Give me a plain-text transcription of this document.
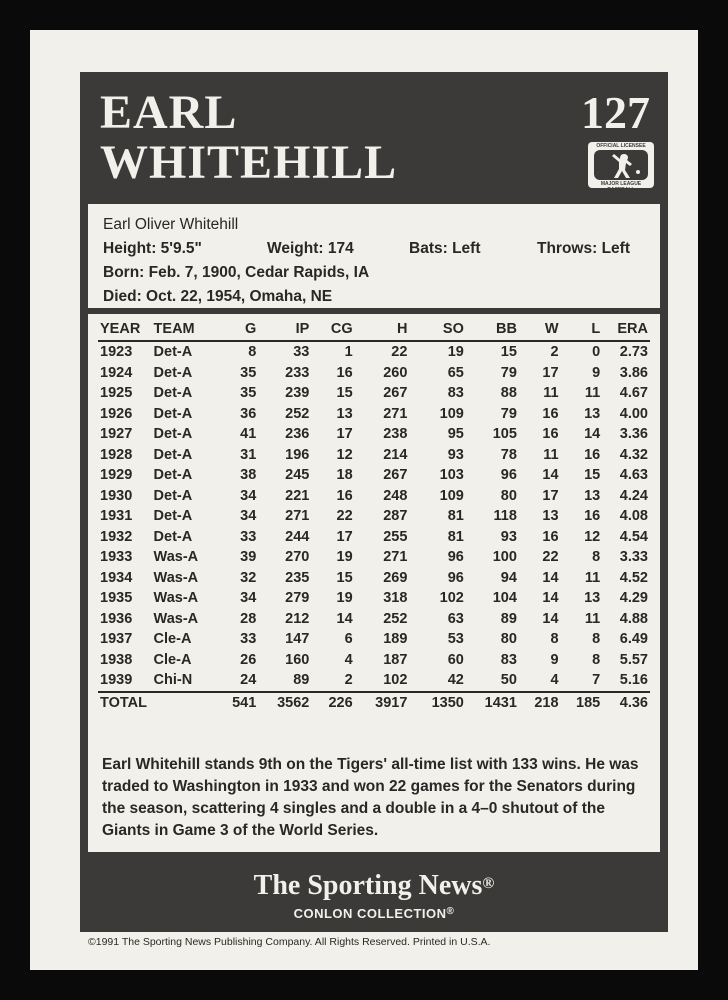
EARL
WHITEHILL
127
OFFICIAL LICENSEE
MAJOR LEAGUE BASEBALL
Earl Oliver Whitehill
Height: 5'9.5"	Weight: 174	Bats: Left	Throws: Left
Born: Feb. 7, 1900, Cedar Rapids, IA
Died: Oct. 22, 1954, Omaha, NE
YEAR	TEAM	G	IP	CG	H	SO	BB	W	L	ERA
1923	Det-A	8	33	1	22	19	15	2	0	2.73
1924	Det-A	35	233	16	260	65	79	17	9	3.86
1925	Det-A	35	239	15	267	83	88	11	11	4.67
1926	Det-A	36	252	13	271	109	79	16	13	4.00
1927	Det-A	41	236	17	238	95	105	16	14	3.36
1928	Det-A	31	196	12	214	93	78	11	16	4.32
1929	Det-A	38	245	18	267	103	96	14	15	4.63
1930	Det-A	34	221	16	248	109	80	17	13	4.24
1931	Det-A	34	271	22	287	81	118	13	16	4.08
1932	Det-A	33	244	17	255	81	93	16	12	4.54
1933	Was-A	39	270	19	271	96	100	22	8	3.33
1934	Was-A	32	235	15	269	96	94	14	11	4.52
1935	Was-A	34	279	19	318	102	104	14	13	4.29
1936	Was-A	28	212	14	252	63	89	14	11	4.88
1937	Cle-A	33	147	6	189	53	80	8	8	6.49
1938	Cle-A	26	160	4	187	60	83	9	8	5.57
1939	Chi-N	24	89	2	102	42	50	4	7	5.16
TOTAL		541	3562	226	3917	1350	1431	218	185	4.36
Earl Whitehill stands 9th on the Tigers' all-time list with 133 wins. He was traded to Washington in 1933 and won 22 games for the Senators during the season, scattering 4 singles and a double in a 4–0 shutout of the Giants in Game 3 of the World Series.
The Sporting News®
CONLON COLLECTION®
©1991 The Sporting News Publishing Company. All Rights Reserved. Printed in U.S.A.
